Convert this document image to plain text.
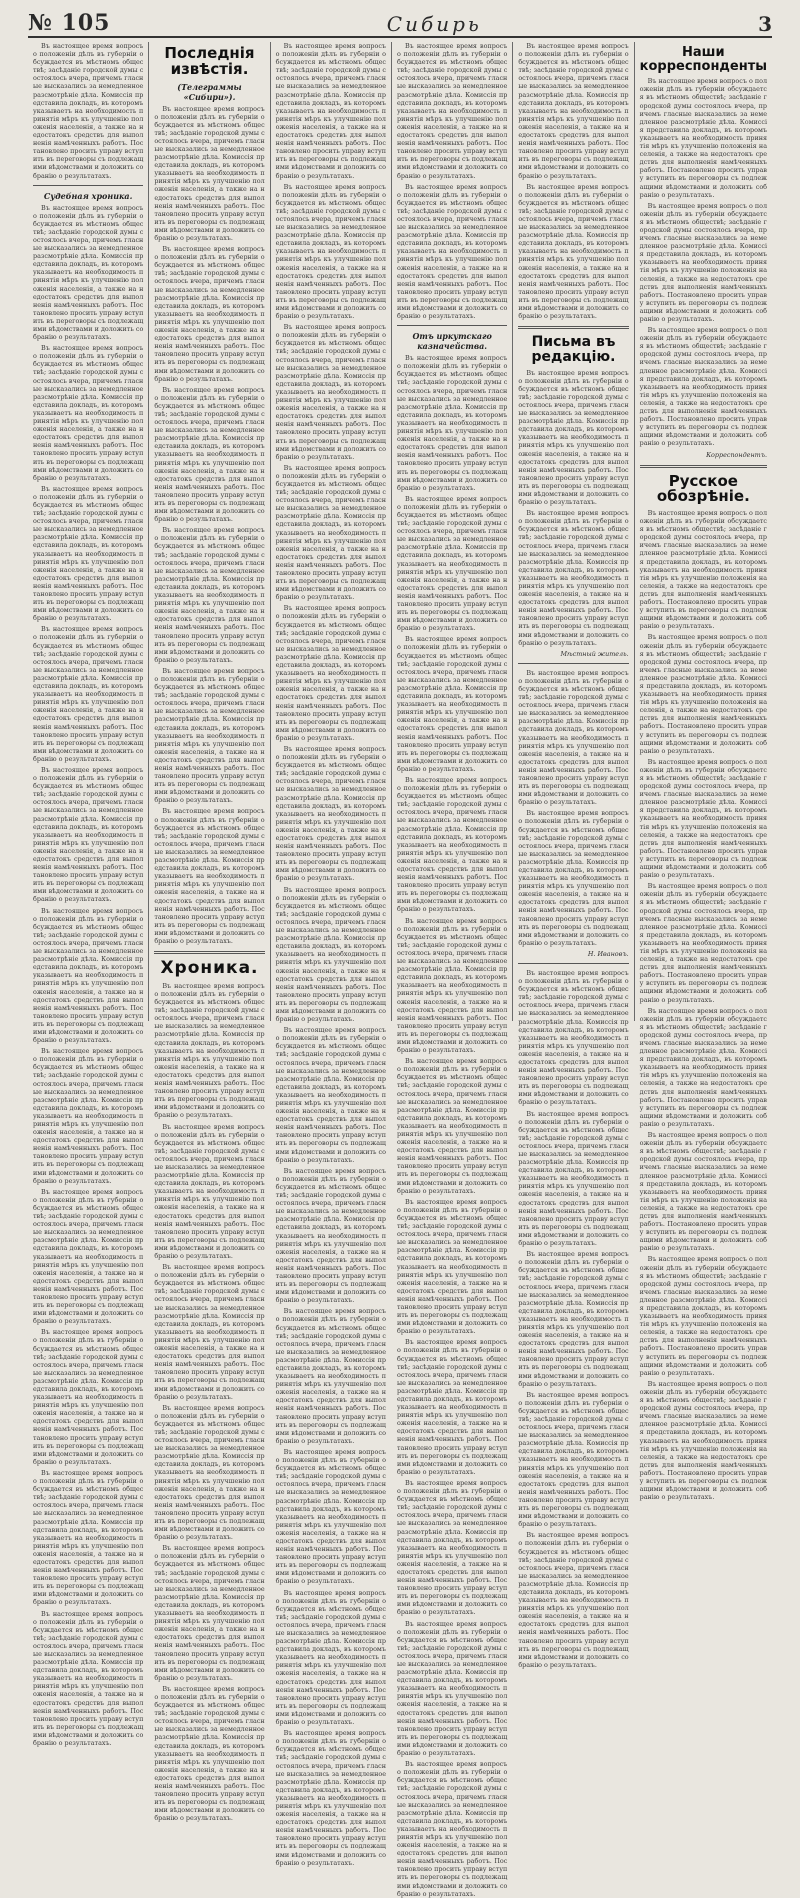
№ 105	Сибирь	3

Въ настоящее время вопросъ о положеніи дѣлъ въ губерніи обсуждается въ мѣстномъ обществѣ; засѣданіе городской думы состоялось вчера, причемъ гласные высказались за немедленное разсмотрѣніе дѣла. Комиссія представила докладъ, въ которомъ указываетъ на необходимость принятія мѣръ къ улучшенію положенія населенія, а также на недостатокъ средствъ для выполненія намѣченныхъ работъ. Постановлено просить управу вступить въ переговоры съ подлежащими вѣдомствами и доложить собранію о результатахъ.

Судебная хроника.

Въ настоящее время вопросъ о положеніи дѣлъ въ губерніи обсуждается въ мѣстномъ обществѣ; засѣданіе городской думы состоялось вчера, причемъ гласные высказались за немедленное разсмотрѣніе дѣла. Комиссія представила докладъ, въ которомъ указываетъ на необходимость принятія мѣръ къ улучшенію положенія населенія, а также на недостатокъ средствъ для выполненія намѣченныхъ работъ. Постановлено просить управу вступить въ переговоры съ подлежащими вѣдомствами и доложить собранію о результатахъ.

Въ настоящее время вопросъ о положеніи дѣлъ въ губерніи обсуждается въ мѣстномъ обществѣ; засѣданіе городской думы состоялось вчера, причемъ гласные высказались за немедленное разсмотрѣніе дѣла. Комиссія представила докладъ, въ которомъ указываетъ на необходимость принятія мѣръ къ улучшенію положенія населенія, а также на недостатокъ средствъ для выполненія намѣченныхъ работъ. Постановлено просить управу вступить въ переговоры съ подлежащими вѣдомствами и доложить собранію о результатахъ.

Въ настоящее время вопросъ о положеніи дѣлъ въ губерніи обсуждается въ мѣстномъ обществѣ; засѣданіе городской думы состоялось вчера, причемъ гласные высказались за немедленное разсмотрѣніе дѣла. Комиссія представила докладъ, въ которомъ указываетъ на необходимость принятія мѣръ къ улучшенію положенія населенія, а также на недостатокъ средствъ для выполненія намѣченныхъ работъ. Постановлено просить управу вступить въ переговоры съ подлежащими вѣдомствами и доложить собранію о результатахъ.

Въ настоящее время вопросъ о положеніи дѣлъ въ губерніи обсуждается въ мѣстномъ обществѣ; засѣданіе городской думы состоялось вчера, причемъ гласные высказались за немедленное разсмотрѣніе дѣла. Комиссія представила докладъ, въ которомъ указываетъ на необходимость принятія мѣръ къ улучшенію положенія населенія, а также на недостатокъ средствъ для выполненія намѣченныхъ работъ. Постановлено просить управу вступить въ переговоры съ подлежащими вѣдомствами и доложить собранію о результатахъ.

Въ настоящее время вопросъ о положеніи дѣлъ въ губерніи обсуждается въ мѣстномъ обществѣ; засѣданіе городской думы состоялось вчера, причемъ гласные высказались за немедленное разсмотрѣніе дѣла. Комиссія представила докладъ, въ которомъ указываетъ на необходимость принятія мѣръ къ улучшенію положенія населенія, а также на недостатокъ средствъ для выполненія намѣченныхъ работъ. Постановлено просить управу вступить въ переговоры съ подлежащими вѣдомствами и доложить собранію о результатахъ.

Въ настоящее время вопросъ о положеніи дѣлъ въ губерніи обсуждается въ мѣстномъ обществѣ; засѣданіе городской думы состоялось вчера, причемъ гласные высказались за немедленное разсмотрѣніе дѣла. Комиссія представила докладъ, въ которомъ указываетъ на необходимость принятія мѣръ къ улучшенію положенія населенія, а также на недостатокъ средствъ для выполненія намѣченныхъ работъ. Постановлено просить управу вступить въ переговоры съ подлежащими вѣдомствами и доложить собранію о результатахъ.

Въ настоящее время вопросъ о положеніи дѣлъ въ губерніи обсуждается въ мѣстномъ обществѣ; засѣданіе городской думы состоялось вчера, причемъ гласные высказались за немедленное разсмотрѣніе дѣла. Комиссія представила докладъ, въ которомъ указываетъ на необходимость принятія мѣръ къ улучшенію положенія населенія, а также на недостатокъ средствъ для выполненія намѣченныхъ работъ. Постановлено просить управу вступить въ переговоры съ подлежащими вѣдомствами и доложить собранію о результатахъ.

Въ настоящее время вопросъ о положеніи дѣлъ въ губерніи обсуждается въ мѣстномъ обществѣ; засѣданіе городской думы состоялось вчера, причемъ гласные высказались за немедленное разсмотрѣніе дѣла. Комиссія представила докладъ, въ которомъ указываетъ на необходимость принятія мѣръ къ улучшенію положенія населенія, а также на недостатокъ средствъ для выполненія намѣченныхъ работъ. Постановлено просить управу вступить въ переговоры съ подлежащими вѣдомствами и доложить собранію о результатахъ.

Въ настоящее время вопросъ о положеніи дѣлъ въ губерніи обсуждается въ мѣстномъ обществѣ; засѣданіе городской думы состоялось вчера, причемъ гласные высказались за немедленное разсмотрѣніе дѣла. Комиссія представила докладъ, въ которомъ указываетъ на необходимость принятія мѣръ къ улучшенію положенія населенія, а также на недостатокъ средствъ для выполненія намѣченныхъ работъ. Постановлено просить управу вступить въ переговоры съ подлежащими вѣдомствами и доложить собранію о результатахъ.

Въ настоящее время вопросъ о положеніи дѣлъ въ губерніи обсуждается въ мѣстномъ обществѣ; засѣданіе городской думы состоялось вчера, причемъ гласные высказались за немедленное разсмотрѣніе дѣла. Комиссія представила докладъ, въ которомъ указываетъ на необходимость принятія мѣръ къ улучшенію положенія населенія, а также на недостатокъ средствъ для выполненія намѣченныхъ работъ. Постановлено просить управу вступить въ переговоры съ подлежащими вѣдомствами и доложить собранію о результатахъ.

Въ настоящее время вопросъ о положеніи дѣлъ въ губерніи обсуждается въ мѣстномъ обществѣ; засѣданіе городской думы состоялось вчера, причемъ гласные высказались за немедленное разсмотрѣніе дѣла. Комиссія представила докладъ, въ которомъ указываетъ на необходимость принятія мѣръ къ улучшенію положенія населенія, а также на недостатокъ средствъ для выполненія намѣченныхъ работъ. Постановлено просить управу вступить въ переговоры съ подлежащими вѣдомствами и доложить собранію о результатахъ.

Последнія извѣстія.
(Телеграммы «Сибири»).

Въ настоящее время вопросъ о положеніи дѣлъ въ губерніи обсуждается въ мѣстномъ обществѣ; засѣданіе городской думы состоялось вчера, причемъ гласные высказались за немедленное разсмотрѣніе дѣла. Комиссія представила докладъ, въ которомъ указываетъ на необходимость принятія мѣръ къ улучшенію положенія населенія, а также на недостатокъ средствъ для выполненія намѣченныхъ работъ. Постановлено просить управу вступить въ переговоры съ подлежащими вѣдомствами и доложить собранію о результатахъ.

Въ настоящее время вопросъ о положеніи дѣлъ въ губерніи обсуждается въ мѣстномъ обществѣ; засѣданіе городской думы состоялось вчера, причемъ гласные высказались за немедленное разсмотрѣніе дѣла. Комиссія представила докладъ, въ которомъ указываетъ на необходимость принятія мѣръ къ улучшенію положенія населенія, а также на недостатокъ средствъ для выполненія намѣченныхъ работъ. Постановлено просить управу вступить въ переговоры съ подлежащими вѣдомствами и доложить собранію о результатахъ.

Въ настоящее время вопросъ о положеніи дѣлъ въ губерніи обсуждается въ мѣстномъ обществѣ; засѣданіе городской думы состоялось вчера, причемъ гласные высказались за немедленное разсмотрѣніе дѣла. Комиссія представила докладъ, въ которомъ указываетъ на необходимость принятія мѣръ къ улучшенію положенія населенія, а также на недостатокъ средствъ для выполненія намѣченныхъ работъ. Постановлено просить управу вступить въ переговоры съ подлежащими вѣдомствами и доложить собранію о результатахъ.

Въ настоящее время вопросъ о положеніи дѣлъ въ губерніи обсуждается въ мѣстномъ обществѣ; засѣданіе городской думы состоялось вчера, причемъ гласные высказались за немедленное разсмотрѣніе дѣла. Комиссія представила докладъ, въ которомъ указываетъ на необходимость принятія мѣръ къ улучшенію положенія населенія, а также на недостатокъ средствъ для выполненія намѣченныхъ работъ. Постановлено просить управу вступить въ переговоры съ подлежащими вѣдомствами и доложить собранію о результатахъ.

Въ настоящее время вопросъ о положеніи дѣлъ въ губерніи обсуждается въ мѣстномъ обществѣ; засѣданіе городской думы состоялось вчера, причемъ гласные высказались за немедленное разсмотрѣніе дѣла. Комиссія представила докладъ, въ которомъ указываетъ на необходимость принятія мѣръ къ улучшенію положенія населенія, а также на недостатокъ средствъ для выполненія намѣченныхъ работъ. Постановлено просить управу вступить въ переговоры съ подлежащими вѣдомствами и доложить собранію о результатахъ.

Въ настоящее время вопросъ о положеніи дѣлъ въ губерніи обсуждается въ мѣстномъ обществѣ; засѣданіе городской думы состоялось вчера, причемъ гласные высказались за немедленное разсмотрѣніе дѣла. Комиссія представила докладъ, въ которомъ указываетъ на необходимость принятія мѣръ къ улучшенію положенія населенія, а также на недостатокъ средствъ для выполненія намѣченныхъ работъ. Постановлено просить управу вступить въ переговоры съ подлежащими вѣдомствами и доложить собранію о результатахъ.

Хроника.

Въ настоящее время вопросъ о положеніи дѣлъ въ губерніи обсуждается въ мѣстномъ обществѣ; засѣданіе городской думы состоялось вчера, причемъ гласные высказались за немедленное разсмотрѣніе дѣла. Комиссія представила докладъ, въ которомъ указываетъ на необходимость принятія мѣръ къ улучшенію положенія населенія, а также на недостатокъ средствъ для выполненія намѣченныхъ работъ. Постановлено просить управу вступить въ переговоры съ подлежащими вѣдомствами и доложить собранію о результатахъ.

Въ настоящее время вопросъ о положеніи дѣлъ въ губерніи обсуждается въ мѣстномъ обществѣ; засѣданіе городской думы состоялось вчера, причемъ гласные высказались за немедленное разсмотрѣніе дѣла. Комиссія представила докладъ, въ которомъ указываетъ на необходимость принятія мѣръ къ улучшенію положенія населенія, а также на недостатокъ средствъ для выполненія намѣченныхъ работъ. Постановлено просить управу вступить въ переговоры съ подлежащими вѣдомствами и доложить собранію о результатахъ.

Въ настоящее время вопросъ о положеніи дѣлъ въ губерніи обсуждается въ мѣстномъ обществѣ; засѣданіе городской думы состоялось вчера, причемъ гласные высказались за немедленное разсмотрѣніе дѣла. Комиссія представила докладъ, въ которомъ указываетъ на необходимость принятія мѣръ къ улучшенію положенія населенія, а также на недостатокъ средствъ для выполненія намѣченныхъ работъ. Постановлено просить управу вступить въ переговоры съ подлежащими вѣдомствами и доложить собранію о результатахъ.

Въ настоящее время вопросъ о положеніи дѣлъ въ губерніи обсуждается въ мѣстномъ обществѣ; засѣданіе городской думы состоялось вчера, причемъ гласные высказались за немедленное разсмотрѣніе дѣла. Комиссія представила докладъ, въ которомъ указываетъ на необходимость принятія мѣръ къ улучшенію положенія населенія, а также на недостатокъ средствъ для выполненія намѣченныхъ работъ. Постановлено просить управу вступить въ переговоры съ подлежащими вѣдомствами и доложить собранію о результатахъ.

Въ настоящее время вопросъ о положеніи дѣлъ въ губерніи обсуждается въ мѣстномъ обществѣ; засѣданіе городской думы состоялось вчера, причемъ гласные высказались за немедленное разсмотрѣніе дѣла. Комиссія представила докладъ, въ которомъ указываетъ на необходимость принятія мѣръ къ улучшенію положенія населенія, а также на недостатокъ средствъ для выполненія намѣченныхъ работъ. Постановлено просить управу вступить въ переговоры съ подлежащими вѣдомствами и доложить собранію о результатахъ.

Въ настоящее время вопросъ о положеніи дѣлъ въ губерніи обсуждается въ мѣстномъ обществѣ; засѣданіе городской думы состоялось вчера, причемъ гласные высказались за немедленное разсмотрѣніе дѣла. Комиссія представила докладъ, въ которомъ указываетъ на необходимость принятія мѣръ къ улучшенію положенія населенія, а также на недостатокъ средствъ для выполненія намѣченныхъ работъ. Постановлено просить управу вступить въ переговоры съ подлежащими вѣдомствами и доложить собранію о результатахъ.

Въ настоящее время вопросъ о положеніи дѣлъ въ губерніи обсуждается въ мѣстномъ обществѣ; засѣданіе городской думы состоялось вчера, причемъ гласные высказались за немедленное разсмотрѣніе дѣла. Комиссія представила докладъ, въ которомъ указываетъ на необходимость принятія мѣръ къ улучшенію положенія населенія, а также на недостатокъ средствъ для выполненія намѣченныхъ работъ. Постановлено просить управу вступить въ переговоры съ подлежащими вѣдомствами и доложить собранію о результатахъ.

Въ настоящее время вопросъ о положеніи дѣлъ въ губерніи обсуждается въ мѣстномъ обществѣ; засѣданіе городской думы состоялось вчера, причемъ гласные высказались за немедленное разсмотрѣніе дѣла. Комиссія представила докладъ, въ которомъ указываетъ на необходимость принятія мѣръ къ улучшенію положенія населенія, а также на недостатокъ средствъ для выполненія намѣченныхъ работъ. Постановлено просить управу вступить въ переговоры съ подлежащими вѣдомствами и доложить собранію о результатахъ.

Въ настоящее время вопросъ о положеніи дѣлъ въ губерніи обсуждается въ мѣстномъ обществѣ; засѣданіе городской думы состоялось вчера, причемъ гласные высказались за немедленное разсмотрѣніе дѣла. Комиссія представила докладъ, въ которомъ указываетъ на необходимость принятія мѣръ къ улучшенію положенія населенія, а также на недостатокъ средствъ для выполненія намѣченныхъ работъ. Постановлено просить управу вступить въ переговоры съ подлежащими вѣдомствами и доложить собранію о результатахъ.

Въ настоящее время вопросъ о положеніи дѣлъ въ губерніи обсуждается въ мѣстномъ обществѣ; засѣданіе городской думы состоялось вчера, причемъ гласные высказались за немедленное разсмотрѣніе дѣла. Комиссія представила докладъ, въ которомъ указываетъ на необходимость принятія мѣръ къ улучшенію положенія населенія, а также на недостатокъ средствъ для выполненія намѣченныхъ работъ. Постановлено просить управу вступить въ переговоры съ подлежащими вѣдомствами и доложить собранію о результатахъ.

Въ настоящее время вопросъ о положеніи дѣлъ въ губерніи обсуждается въ мѣстномъ обществѣ; засѣданіе городской думы состоялось вчера, причемъ гласные высказались за немедленное разсмотрѣніе дѣла. Комиссія представила докладъ, въ которомъ указываетъ на необходимость принятія мѣръ къ улучшенію положенія населенія, а также на недостатокъ средствъ для выполненія намѣченныхъ работъ. Постановлено просить управу вступить въ переговоры съ подлежащими вѣдомствами и доложить собранію о результатахъ.

Въ настоящее время вопросъ о положеніи дѣлъ въ губерніи обсуждается въ мѣстномъ обществѣ; засѣданіе городской думы состоялось вчера, причемъ гласные высказались за немедленное разсмотрѣніе дѣла. Комиссія представила докладъ, въ которомъ указываетъ на необходимость принятія мѣръ къ улучшенію положенія населенія, а также на недостатокъ средствъ для выполненія намѣченныхъ работъ. Постановлено просить управу вступить въ переговоры съ подлежащими вѣдомствами и доложить собранію о результатахъ.

Въ настоящее время вопросъ о положеніи дѣлъ въ губерніи обсуждается въ мѣстномъ обществѣ; засѣданіе городской думы состоялось вчера, причемъ гласные высказались за немедленное разсмотрѣніе дѣла. Комиссія представила докладъ, въ которомъ указываетъ на необходимость принятія мѣръ къ улучшенію положенія населенія, а также на недостатокъ средствъ для выполненія намѣченныхъ работъ. Постановлено просить управу вступить въ переговоры съ подлежащими вѣдомствами и доложить собранію о результатахъ.

Въ настоящее время вопросъ о положеніи дѣлъ въ губерніи обсуждается въ мѣстномъ обществѣ; засѣданіе городской думы состоялось вчера, причемъ гласные высказались за немедленное разсмотрѣніе дѣла. Комиссія представила докладъ, въ которомъ указываетъ на необходимость принятія мѣръ къ улучшенію положенія населенія, а также на недостатокъ средствъ для выполненія намѣченныхъ работъ. Постановлено просить управу вступить въ переговоры съ подлежащими вѣдомствами и доложить собранію о результатахъ.

Въ настоящее время вопросъ о положеніи дѣлъ въ губерніи обсуждается въ мѣстномъ обществѣ; засѣданіе городской думы состоялось вчера, причемъ гласные высказались за немедленное разсмотрѣніе дѣла. Комиссія представила докладъ, въ которомъ указываетъ на необходимость принятія мѣръ къ улучшенію положенія населенія, а также на недостатокъ средствъ для выполненія намѣченныхъ работъ. Постановлено просить управу вступить въ переговоры съ подлежащими вѣдомствами и доложить собранію о результатахъ.

Въ настоящее время вопросъ о положеніи дѣлъ въ губерніи обсуждается въ мѣстномъ обществѣ; засѣданіе городской думы состоялось вчера, причемъ гласные высказались за немедленное разсмотрѣніе дѣла. Комиссія представила докладъ, въ которомъ указываетъ на необходимость принятія мѣръ къ улучшенію положенія населенія, а также на недостатокъ средствъ для выполненія намѣченныхъ работъ. Постановлено просить управу вступить въ переговоры съ подлежащими вѣдомствами и доложить собранію о результатахъ.

Въ настоящее время вопросъ о положеніи дѣлъ въ губерніи обсуждается въ мѣстномъ обществѣ; засѣданіе городской думы состоялось вчера, причемъ гласные высказались за немедленное разсмотрѣніе дѣла. Комиссія представила докладъ, въ которомъ указываетъ на необходимость принятія мѣръ къ улучшенію положенія населенія, а также на недостатокъ средствъ для выполненія намѣченныхъ работъ. Постановлено просить управу вступить въ переговоры съ подлежащими вѣдомствами и доложить собранію о результатахъ.

Въ настоящее время вопросъ о положеніи дѣлъ въ губерніи обсуждается въ мѣстномъ обществѣ; засѣданіе городской думы состоялось вчера, причемъ гласные высказались за немедленное разсмотрѣніе дѣла. Комиссія представила докладъ, въ которомъ указываетъ на необходимость принятія мѣръ къ улучшенію положенія населенія, а также на недостатокъ средствъ для выполненія намѣченныхъ работъ. Постановлено просить управу вступить въ переговоры съ подлежащими вѣдомствами и доложить собранію о результатахъ.

Въ настоящее время вопросъ о положеніи дѣлъ въ губерніи обсуждается въ мѣстномъ обществѣ; засѣданіе городской думы состоялось вчера, причемъ гласные высказались за немедленное разсмотрѣніе дѣла. Комиссія представила докладъ, въ которомъ указываетъ на необходимость принятія мѣръ къ улучшенію положенія населенія, а также на недостатокъ средствъ для выполненія намѣченныхъ работъ. Постановлено просить управу вступить въ переговоры съ подлежащими вѣдомствами и доложить собранію о результатахъ.

Въ настоящее время вопросъ о положеніи дѣлъ въ губерніи обсуждается въ мѣстномъ обществѣ; засѣданіе городской думы состоялось вчера, причемъ гласные высказались за немедленное разсмотрѣніе дѣла. Комиссія представила докладъ, въ которомъ указываетъ на необходимость принятія мѣръ къ улучшенію положенія населенія, а также на недостатокъ средствъ для выполненія намѣченныхъ работъ. Постановлено просить управу вступить въ переговоры съ подлежащими вѣдомствами и доложить собранію о результатахъ.

Въ настоящее время вопросъ о положеніи дѣлъ въ губерніи обсуждается въ мѣстномъ обществѣ; засѣданіе городской думы состоялось вчера, причемъ гласные высказались за немедленное разсмотрѣніе дѣла. Комиссія представила докладъ, въ которомъ указываетъ на необходимость принятія мѣръ къ улучшенію положенія населенія, а также на недостатокъ средствъ для выполненія намѣченныхъ работъ. Постановлено просить управу вступить въ переговоры съ подлежащими вѣдомствами и доложить собранію о результатахъ.

Отъ иркутскаго казначейства.

Въ настоящее время вопросъ о положеніи дѣлъ въ губерніи обсуждается въ мѣстномъ обществѣ; засѣданіе городской думы состоялось вчера, причемъ гласные высказались за немедленное разсмотрѣніе дѣла. Комиссія представила докладъ, въ которомъ указываетъ на необходимость принятія мѣръ къ улучшенію положенія населенія, а также на недостатокъ средствъ для выполненія намѣченныхъ работъ. Постановлено просить управу вступить въ переговоры съ подлежащими вѣдомствами и доложить собранію о результатахъ.

Въ настоящее время вопросъ о положеніи дѣлъ въ губерніи обсуждается въ мѣстномъ обществѣ; засѣданіе городской думы состоялось вчера, причемъ гласные высказались за немедленное разсмотрѣніе дѣла. Комиссія представила докладъ, въ которомъ указываетъ на необходимость принятія мѣръ къ улучшенію положенія населенія, а также на недостатокъ средствъ для выполненія намѣченныхъ работъ. Постановлено просить управу вступить въ переговоры съ подлежащими вѣдомствами и доложить собранію о результатахъ.

Въ настоящее время вопросъ о положеніи дѣлъ въ губерніи обсуждается въ мѣстномъ обществѣ; засѣданіе городской думы состоялось вчера, причемъ гласные высказались за немедленное разсмотрѣніе дѣла. Комиссія представила докладъ, въ которомъ указываетъ на необходимость принятія мѣръ къ улучшенію положенія населенія, а также на недостатокъ средствъ для выполненія намѣченныхъ работъ. Постановлено просить управу вступить въ переговоры съ подлежащими вѣдомствами и доложить собранію о результатахъ.

Въ настоящее время вопросъ о положеніи дѣлъ въ губерніи обсуждается въ мѣстномъ обществѣ; засѣданіе городской думы состоялось вчера, причемъ гласные высказались за немедленное разсмотрѣніе дѣла. Комиссія представила докладъ, въ которомъ указываетъ на необходимость принятія мѣръ къ улучшенію положенія населенія, а также на недостатокъ средствъ для выполненія намѣченныхъ работъ. Постановлено просить управу вступить въ переговоры съ подлежащими вѣдомствами и доложить собранію о результатахъ.

Въ настоящее время вопросъ о положеніи дѣлъ въ губерніи обсуждается въ мѣстномъ обществѣ; засѣданіе городской думы состоялось вчера, причемъ гласные высказались за немедленное разсмотрѣніе дѣла. Комиссія представила докладъ, въ которомъ указываетъ на необходимость принятія мѣръ къ улучшенію положенія населенія, а также на недостатокъ средствъ для выполненія намѣченныхъ работъ. Постановлено просить управу вступить въ переговоры съ подлежащими вѣдомствами и доложить собранію о результатахъ.

Въ настоящее время вопросъ о положеніи дѣлъ въ губерніи обсуждается въ мѣстномъ обществѣ; засѣданіе городской думы состоялось вчера, причемъ гласные высказались за немедленное разсмотрѣніе дѣла. Комиссія представила докладъ, въ которомъ указываетъ на необходимость принятія мѣръ къ улучшенію положенія населенія, а также на недостатокъ средствъ для выполненія намѣченныхъ работъ. Постановлено просить управу вступить въ переговоры съ подлежащими вѣдомствами и доложить собранію о результатахъ.

Въ настоящее время вопросъ о положеніи дѣлъ въ губерніи обсуждается въ мѣстномъ обществѣ; засѣданіе городской думы состоялось вчера, причемъ гласные высказались за немедленное разсмотрѣніе дѣла. Комиссія представила докладъ, въ которомъ указываетъ на необходимость принятія мѣръ къ улучшенію положенія населенія, а также на недостатокъ средствъ для выполненія намѣченныхъ работъ. Постановлено просить управу вступить въ переговоры съ подлежащими вѣдомствами и доложить собранію о результатахъ.

Въ настоящее время вопросъ о положеніи дѣлъ въ губерніи обсуждается въ мѣстномъ обществѣ; засѣданіе городской думы состоялось вчера, причемъ гласные высказались за немедленное разсмотрѣніе дѣла. Комиссія представила докладъ, въ которомъ указываетъ на необходимость принятія мѣръ къ улучшенію положенія населенія, а также на недостатокъ средствъ для выполненія намѣченныхъ работъ. Постановлено просить управу вступить въ переговоры съ подлежащими вѣдомствами и доложить собранію о результатахъ.

Въ настоящее время вопросъ о положеніи дѣлъ въ губерніи обсуждается въ мѣстномъ обществѣ; засѣданіе городской думы состоялось вчера, причемъ гласные высказались за немедленное разсмотрѣніе дѣла. Комиссія представила докладъ, въ которомъ указываетъ на необходимость принятія мѣръ къ улучшенію положенія населенія, а также на недостатокъ средствъ для выполненія намѣченныхъ работъ. Постановлено просить управу вступить въ переговоры съ подлежащими вѣдомствами и доложить собранію о результатахъ.

Въ настоящее время вопросъ о положеніи дѣлъ въ губерніи обсуждается въ мѣстномъ обществѣ; засѣданіе городской думы состоялось вчера, причемъ гласные высказались за немедленное разсмотрѣніе дѣла. Комиссія представила докладъ, въ которомъ указываетъ на необходимость принятія мѣръ къ улучшенію положенія населенія, а также на недостатокъ средствъ для выполненія намѣченныхъ работъ. Постановлено просить управу вступить въ переговоры съ подлежащими вѣдомствами и доложить собранію о результатахъ.

Въ настоящее время вопросъ о положеніи дѣлъ въ губерніи обсуждается въ мѣстномъ обществѣ; засѣданіе городской думы состоялось вчера, причемъ гласные высказались за немедленное разсмотрѣніе дѣла. Комиссія представила докладъ, въ которомъ указываетъ на необходимость принятія мѣръ къ улучшенію положенія населенія, а также на недостатокъ средствъ для выполненія намѣченныхъ работъ. Постановлено просить управу вступить въ переговоры съ подлежащими вѣдомствами и доложить собранію о результатахъ.

Въ настоящее время вопросъ о положеніи дѣлъ въ губерніи обсуждается въ мѣстномъ обществѣ; засѣданіе городской думы состоялось вчера, причемъ гласные высказались за немедленное разсмотрѣніе дѣла. Комиссія представила докладъ, въ которомъ указываетъ на необходимость принятія мѣръ къ улучшенію положенія населенія, а также на недостатокъ средствъ для выполненія намѣченныхъ работъ. Постановлено просить управу вступить въ переговоры съ подлежащими вѣдомствами и доложить собранію о результатахъ.

Въ настоящее время вопросъ о положеніи дѣлъ въ губерніи обсуждается въ мѣстномъ обществѣ; засѣданіе городской думы состоялось вчера, причемъ гласные высказались за немедленное разсмотрѣніе дѣла. Комиссія представила докладъ, въ которомъ указываетъ на необходимость принятія мѣръ къ улучшенію положенія населенія, а также на недостатокъ средствъ для выполненія намѣченныхъ работъ. Постановлено просить управу вступить въ переговоры съ подлежащими вѣдомствами и доложить собранію о результатахъ.

Письма въ редакцію.

Въ настоящее время вопросъ о положеніи дѣлъ въ губерніи обсуждается въ мѣстномъ обществѣ; засѣданіе городской думы состоялось вчера, причемъ гласные высказались за немедленное разсмотрѣніе дѣла. Комиссія представила докладъ, въ которомъ указываетъ на необходимость принятія мѣръ къ улучшенію положенія населенія, а также на недостатокъ средствъ для выполненія намѣченныхъ работъ. Постановлено просить управу вступить въ переговоры съ подлежащими вѣдомствами и доложить собранію о результатахъ.

Въ настоящее время вопросъ о положеніи дѣлъ въ губерніи обсуждается въ мѣстномъ обществѣ; засѣданіе городской думы состоялось вчера, причемъ гласные высказались за немедленное разсмотрѣніе дѣла. Комиссія представила докладъ, въ которомъ указываетъ на необходимость принятія мѣръ къ улучшенію положенія населенія, а также на недостатокъ средствъ для выполненія намѣченныхъ работъ. Постановлено просить управу вступить въ переговоры съ подлежащими вѣдомствами и доложить собранію о результатахъ.

Мѣстный житель.

Въ настоящее время вопросъ о положеніи дѣлъ въ губерніи обсуждается въ мѣстномъ обществѣ; засѣданіе городской думы состоялось вчера, причемъ гласные высказались за немедленное разсмотрѣніе дѣла. Комиссія представила докладъ, въ которомъ указываетъ на необходимость принятія мѣръ къ улучшенію положенія населенія, а также на недостатокъ средствъ для выполненія намѣченныхъ работъ. Постановлено просить управу вступить въ переговоры съ подлежащими вѣдомствами и доложить собранію о результатахъ.

Въ настоящее время вопросъ о положеніи дѣлъ въ губерніи обсуждается въ мѣстномъ обществѣ; засѣданіе городской думы состоялось вчера, причемъ гласные высказались за немедленное разсмотрѣніе дѣла. Комиссія представила докладъ, въ которомъ указываетъ на необходимость принятія мѣръ къ улучшенію положенія населенія, а также на недостатокъ средствъ для выполненія намѣченныхъ работъ. Постановлено просить управу вступить въ переговоры съ подлежащими вѣдомствами и доложить собранію о результатахъ.

Н. Ивановъ.

Въ настоящее время вопросъ о положеніи дѣлъ въ губерніи обсуждается въ мѣстномъ обществѣ; засѣданіе городской думы состоялось вчера, причемъ гласные высказались за немедленное разсмотрѣніе дѣла. Комиссія представила докладъ, въ которомъ указываетъ на необходимость принятія мѣръ къ улучшенію положенія населенія, а также на недостатокъ средствъ для выполненія намѣченныхъ работъ. Постановлено просить управу вступить въ переговоры съ подлежащими вѣдомствами и доложить собранію о результатахъ.

Въ настоящее время вопросъ о положеніи дѣлъ въ губерніи обсуждается въ мѣстномъ обществѣ; засѣданіе городской думы состоялось вчера, причемъ гласные высказались за немедленное разсмотрѣніе дѣла. Комиссія представила докладъ, въ которомъ указываетъ на необходимость принятія мѣръ къ улучшенію положенія населенія, а также на недостатокъ средствъ для выполненія намѣченныхъ работъ. Постановлено просить управу вступить въ переговоры съ подлежащими вѣдомствами и доложить собранію о результатахъ.

Въ настоящее время вопросъ о положеніи дѣлъ въ губерніи обсуждается въ мѣстномъ обществѣ; засѣданіе городской думы состоялось вчера, причемъ гласные высказались за немедленное разсмотрѣніе дѣла. Комиссія представила докладъ, въ которомъ указываетъ на необходимость принятія мѣръ къ улучшенію положенія населенія, а также на недостатокъ средствъ для выполненія намѣченныхъ работъ. Постановлено просить управу вступить въ переговоры съ подлежащими вѣдомствами и доложить собранію о результатахъ.

Въ настоящее время вопросъ о положеніи дѣлъ въ губерніи обсуждается въ мѣстномъ обществѣ; засѣданіе городской думы состоялось вчера, причемъ гласные высказались за немедленное разсмотрѣніе дѣла. Комиссія представила докладъ, въ которомъ указываетъ на необходимость принятія мѣръ къ улучшенію положенія населенія, а также на недостатокъ средствъ для выполненія намѣченныхъ работъ. Постановлено просить управу вступить въ переговоры съ подлежащими вѣдомствами и доложить собранію о результатахъ.

Въ настоящее время вопросъ о положеніи дѣлъ въ губерніи обсуждается въ мѣстномъ обществѣ; засѣданіе городской думы состоялось вчера, причемъ гласные высказались за немедленное разсмотрѣніе дѣла. Комиссія представила докладъ, въ которомъ указываетъ на необходимость принятія мѣръ къ улучшенію положенія населенія, а также на недостатокъ средствъ для выполненія намѣченныхъ работъ. Постановлено просить управу вступить въ переговоры съ подлежащими вѣдомствами и доложить собранію о результатахъ.

Наши корреспонденты

Въ настоящее время вопросъ о положеніи дѣлъ въ губерніи обсуждается въ мѣстномъ обществѣ; засѣданіе городской думы состоялось вчера, причемъ гласные высказались за немедленное разсмотрѣніе дѣла. Комиссія представила докладъ, въ которомъ указываетъ на необходимость принятія мѣръ къ улучшенію положенія населенія, а также на недостатокъ средствъ для выполненія намѣченныхъ работъ. Постановлено просить управу вступить въ переговоры съ подлежащими вѣдомствами и доложить собранію о результатахъ.

Въ настоящее время вопросъ о положеніи дѣлъ въ губерніи обсуждается въ мѣстномъ обществѣ; засѣданіе городской думы состоялось вчера, причемъ гласные высказались за немедленное разсмотрѣніе дѣла. Комиссія представила докладъ, въ которомъ указываетъ на необходимость принятія мѣръ къ улучшенію положенія населенія, а также на недостатокъ средствъ для выполненія намѣченныхъ работъ. Постановлено просить управу вступить въ переговоры съ подлежащими вѣдомствами и доложить собранію о результатахъ.

Въ настоящее время вопросъ о положеніи дѣлъ въ губерніи обсуждается въ мѣстномъ обществѣ; засѣданіе городской думы состоялось вчера, причемъ гласные высказались за немедленное разсмотрѣніе дѣла. Комиссія представила докладъ, въ которомъ указываетъ на необходимость принятія мѣръ къ улучшенію положенія населенія, а также на недостатокъ средствъ для выполненія намѣченныхъ работъ. Постановлено просить управу вступить въ переговоры съ подлежащими вѣдомствами и доложить собранію о результатахъ.

Корреспондентъ.

Русское обозрѣніе.

Въ настоящее время вопросъ о положеніи дѣлъ въ губерніи обсуждается въ мѣстномъ обществѣ; засѣданіе городской думы состоялось вчера, причемъ гласные высказались за немедленное разсмотрѣніе дѣла. Комиссія представила докладъ, въ которомъ указываетъ на необходимость принятія мѣръ къ улучшенію положенія населенія, а также на недостатокъ средствъ для выполненія намѣченныхъ работъ. Постановлено просить управу вступить въ переговоры съ подлежащими вѣдомствами и доложить собранію о результатахъ.

Въ настоящее время вопросъ о положеніи дѣлъ въ губерніи обсуждается въ мѣстномъ обществѣ; засѣданіе городской думы состоялось вчера, причемъ гласные высказались за немедленное разсмотрѣніе дѣла. Комиссія представила докладъ, въ которомъ указываетъ на необходимость принятія мѣръ къ улучшенію положенія населенія, а также на недостатокъ средствъ для выполненія намѣченныхъ работъ. Постановлено просить управу вступить въ переговоры съ подлежащими вѣдомствами и доложить собранію о результатахъ.

Въ настоящее время вопросъ о положеніи дѣлъ въ губерніи обсуждается въ мѣстномъ обществѣ; засѣданіе городской думы состоялось вчера, причемъ гласные высказались за немедленное разсмотрѣніе дѣла. Комиссія представила докладъ, въ которомъ указываетъ на необходимость принятія мѣръ къ улучшенію положенія населенія, а также на недостатокъ средствъ для выполненія намѣченныхъ работъ. Постановлено просить управу вступить въ переговоры съ подлежащими вѣдомствами и доложить собранію о результатахъ.

Въ настоящее время вопросъ о положеніи дѣлъ въ губерніи обсуждается въ мѣстномъ обществѣ; засѣданіе городской думы состоялось вчера, причемъ гласные высказались за немедленное разсмотрѣніе дѣла. Комиссія представила докладъ, въ которомъ указываетъ на необходимость принятія мѣръ къ улучшенію положенія населенія, а также на недостатокъ средствъ для выполненія намѣченныхъ работъ. Постановлено просить управу вступить въ переговоры съ подлежащими вѣдомствами и доложить собранію о результатахъ.

Въ настоящее время вопросъ о положеніи дѣлъ въ губерніи обсуждается въ мѣстномъ обществѣ; засѣданіе городской думы состоялось вчера, причемъ гласные высказались за немедленное разсмотрѣніе дѣла. Комиссія представила докладъ, въ которомъ указываетъ на необходимость принятія мѣръ къ улучшенію положенія населенія, а также на недостатокъ средствъ для выполненія намѣченныхъ работъ. Постановлено просить управу вступить въ переговоры съ подлежащими вѣдомствами и доложить собранію о результатахъ.

Въ настоящее время вопросъ о положеніи дѣлъ въ губерніи обсуждается въ мѣстномъ обществѣ; засѣданіе городской думы состоялось вчера, причемъ гласные высказались за немедленное разсмотрѣніе дѣла. Комиссія представила докладъ, въ которомъ указываетъ на необходимость принятія мѣръ къ улучшенію положенія населенія, а также на недостатокъ средствъ для выполненія намѣченныхъ работъ. Постановлено просить управу вступить въ переговоры съ подлежащими вѣдомствами и доложить собранію о результатахъ.

Въ настоящее время вопросъ о положеніи дѣлъ въ губерніи обсуждается въ мѣстномъ обществѣ; засѣданіе городской думы состоялось вчера, причемъ гласные высказались за немедленное разсмотрѣніе дѣла. Комиссія представила докладъ, въ которомъ указываетъ на необходимость принятія мѣръ къ улучшенію положенія населенія, а также на недостатокъ средствъ для выполненія намѣченныхъ работъ. Постановлено просить управу вступить въ переговоры съ подлежащими вѣдомствами и доложить собранію о результатахъ.

Въ настоящее время вопросъ о положеніи дѣлъ въ губерніи обсуждается въ мѣстномъ обществѣ; засѣданіе городской думы состоялось вчера, причемъ гласные высказались за немедленное разсмотрѣніе дѣла. Комиссія представила докладъ, въ которомъ указываетъ на необходимость принятія мѣръ къ улучшенію положенія населенія, а также на недостатокъ средствъ для выполненія намѣченныхъ работъ. Постановлено просить управу вступить въ переговоры съ подлежащими вѣдомствами и доложить собранію о результатахъ.
